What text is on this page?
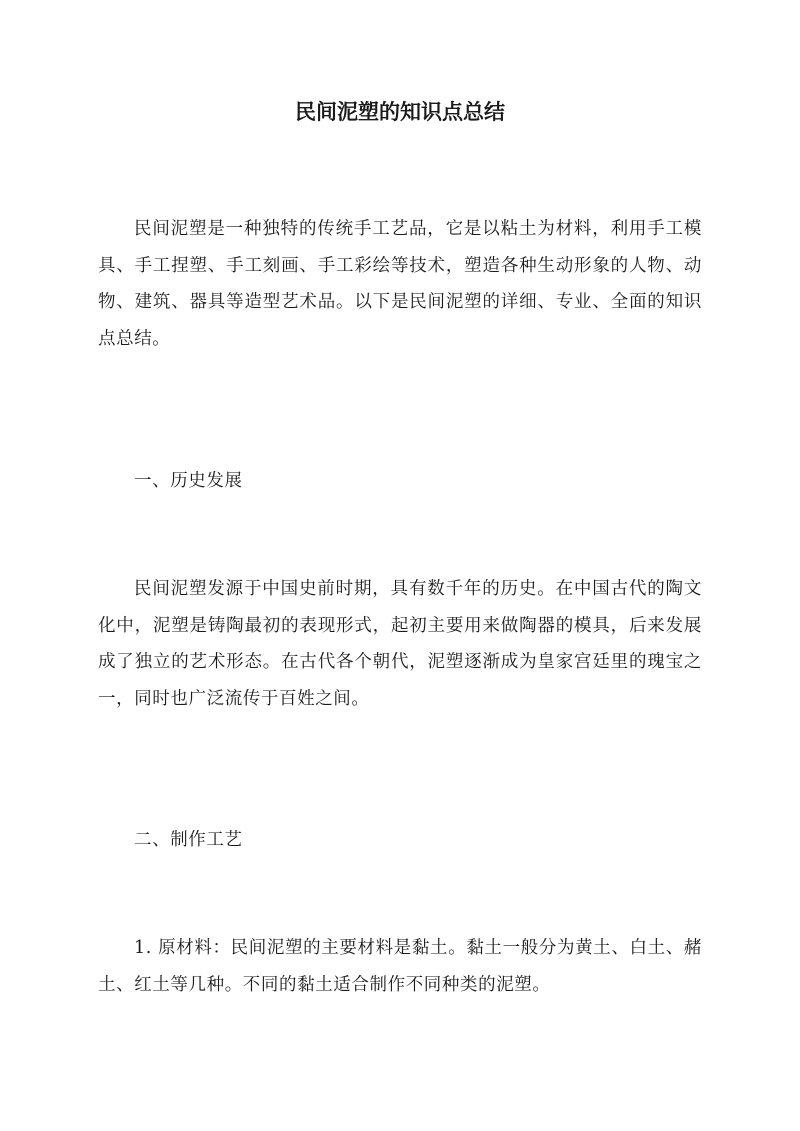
民间泥塑的知识点总结

民间泥塑是一种独特的传统手工艺品，它是以粘土为材料，利用手工模具、手工捏塑、手工刻画、手工彩绘等技术，塑造各种生动形象的人物、动物、建筑、器具等造型艺术品。以下是民间泥塑的详细、专业、全面的知识点总结。

一、历史发展

民间泥塑发源于中国史前时期，具有数千年的历史。在中国古代的陶文化中，泥塑是铸陶最初的表现形式，起初主要用来做陶器的模具，后来发展成了独立的艺术形态。在古代各个朝代，泥塑逐渐成为皇家宫廷里的瑰宝之一，同时也广泛流传于百姓之间。

二、制作工艺

1. 原材料：民间泥塑的主要材料是黏土。黏土一般分为黄土、白土、赭土、红土等几种。不同的黏土适合制作不同种类的泥塑。
